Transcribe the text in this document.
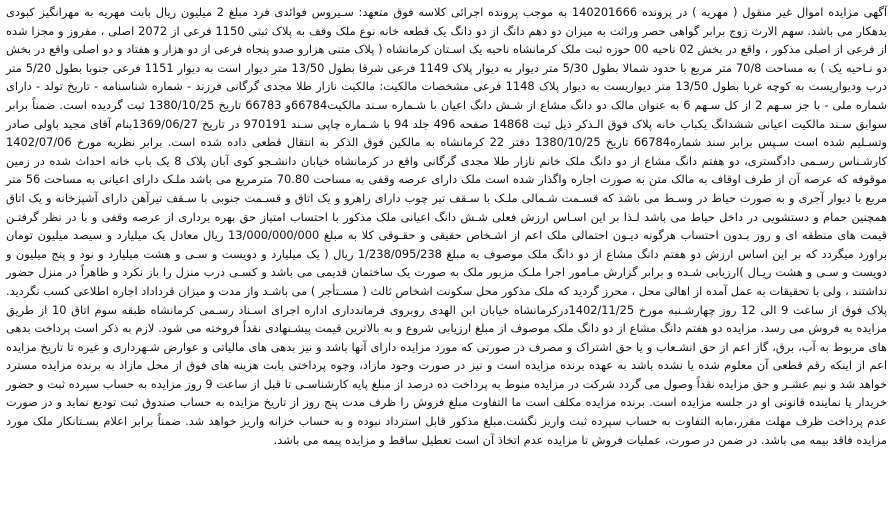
آگهی مزایده اموال غیر منقول ( مهریه ) در پرونده 140201666 به موجب پرونده اجرائی کلاسه فوق متعهد: سـیروس فوائدی فرد مبلغ 2 میلیون ریال بابت مهریه به مهرانگیز کبودی بدهکار می باشد. سهم الارث زوج برابر گواهی حصر وراثت به میزان دو دهم دانگ از دو دانگ یک قطعه خانه نوع ملک وقف به پلاک ثبتی 1150 فرعی از 2072 اصلی ، مفروز و مجزا شده از فرعی از اصلی مذکور ، واقع در بخش 02 ناحیه 00 حوزه ثبت ملک کرمانشاه ناحیه یک اسـتان کرمانشاه ( پلاک متنی هزارو صدو پنجاه فرعی از دو هزار و هفتاد و دو اصلی واقع در بخش دو نـاحیه یک ) به مساحت 70/8 متر مربع با حدود شمالا بطول 5/30 متر دیوار به دیوار پلاک 1149 فرعی شرقا بطول 13/50 متر دیوار است به دیوار 1151 فرعی جنوبا بطول 5/20 متر درب ودیواریست به کوچه غربا بطول 13/50 متر دیواریست به دیوار پلاک 1148 فرعی مشخصات مالکیت: مالکیت نازار طلا مجدی گرگانی فرزند - شماره شناسنامه - تاریخ تولد - دارای شماره ملی - با جز سـهم 2 از کل سـهم 6 به عنوان مالک دو دانگ مشاع از شـش دانگ اعیان با شـماره سـند مالکیت66784و 66783 تاریخ 1380/10/25 ثبت گردیده است. ضمناً برابر سوابق سـند مالکیت اعیانی ششدانگ یکباب خانه پلاک فوق الـذکر ذیل ثبت 14868 صفحه 496 جلد 94 با شـماره چاپی سـند 970191 در تاریخ 1369/06/27بنام آقای مجید باولی صادر وتسـلیم شده است سـپس برابر سند شماره66784 تاریخ 1380/10/25 دفتر 22 کرمانشاه به مالکین فوق الذکر به انتقال قطعی داده شده است. برابر نظریه مورخ 1402/07/06 کارشـناس رسـمی دادگستری، دو هفتم دانگ مشاع از دو دانگ ملک خانم نازار طلا مجدی گرگانی واقع در کرمانشاه خیابان دانشـجو کوی آبان پلاک 8 یک باب خانه احداث شده در زمین موقوفه که عرصه آن از طرف اوقاف به مالک متن به صورت اجاره واگذار شده است ملک دارای عرصه وقفی به مساحت 70.80 مترمربع می باشد ملـک دارای اعیانی به مساحت 56 متر مربع با دیوار آجری و به صورت حیاط در وسـط می باشد که قسـمت شـمالی ملـک با سـقف تیر چوب دارای راهرو و یک اتاق و قسـمت جنوبی با سـقف تیرآهن دارای آشپزخانه و یک اتاق همچنین حمام و دستشویی در داخل حیاط می باشد لـذا بر این اسـاس ارزش فعلی شـش دانگ اعیانی ملک مذکور با احتساب امتیاز حق بهره برداری از عرصه وقفی و با در نظر گرفتـن قیمت های منطقه ای و روز بـدون احتساب هرگونه دیـون احتمالی ملک اعم از اشـخاص حقیقی و حقـوقی کلا به مبلغ 13/000/000/000 ریال معادل یک میلیارد و سیصد میلیون تومان براورد میگردد که بر این اساس ارزش دو هفتم دانگ مشاع از دو دانگ ملک موصوف به مبلغ 1/238/095/238 ریال ( یک میلیارد و دویست و سـی و هشت میلیارد و نود و پنج میلیون و دویست و سـی و هشت ریـال )ارزیابی شـده و برابر گزارش مـامور اجرا ملـک مزبور ملک به صورت یک ساختمان قدیمی می باشد و کسـی درب منزل را باز نکرد و ظاهراً در منزل حضور نداشتند ، ولی با تحقیقات به عمل آمده از اهالی محل ، محرز گردید که ملک مذکور محل سکونت اشخاص ثالث ( مسـتأجر ) می باشـد واز مدت و میزان قرداداد اجاره اطلاعی کسب نگردید. پلاک فوق از ساعت 9 الی 12 روز چهارشـنبه مورخ 1402/11/25درکرمانشاه خیابان ابن الهدی روبروی فرماندداری اداره اجرای اسـناد رسـمی کرمانشاه طبقه سوم اتاق 10 از طریق مزایده به فروش می رسد. مزایده دو هفتم دانگ مشاع از دو دانگ ملک موصوف از مبلغ ارزیابی شروع و به بالاترین قیمت پیشـنهادی نقداً فروخته می شود. لازم به ذکر است پرداخت بدهی های مربوط به آب، برق، گاز اعم از حق انشـعاب و یا حق اشتراک و مصرف در صورتی که مورد مزایده دارای آنها باشد و نیز بدهی های مالیاتی و عوارض شـهرداری و غیره تا تاریخ مزایده اعم از اینکه رقم قطعی آن معلوم شده یا نشده باشد به عهده برنده مزایده است و نیز در صورت وجود مازاد، وجوه پرداختی بابت هزینه های فوق از محل مازاد به برنده مزایده مسترد خواهد شد و نیم عشـر و حق مزایده نقداً وصول می گردد شرکت در مزایده منوط به پرداخت ده درصد از مبلغ پایه کارشناسـی تا قبل از ساعت 9 روز مزایده به حساب سپرده ثبت و حضور خریدار یا نماینده قانونی او در جلسه مزایده است. برنده مزایده مکلف است ما التفاوت مبلغ فروش را ظرف مدت پنج روز از تاریخ مزایده به حساب صندوق ثبت تودیع نماید و در صورت عدم پرداخت ظرف مهلت مقرر،مابه التفاوت به حساب سپرده ثبت واریز نگشت.مبلغ مذکور قابل استرداد نبوده و به حساب خزانه واریز خواهد شد. ضمناً برابر اعلام بسـتانکار ملک مورد مزایده فاقد بیمه می باشد. در ضمن در صورت، عملیات فروش تا مزایده عدم اتخاذ آن است تعطیل ساقط و مزایده پیمه می باشد.
